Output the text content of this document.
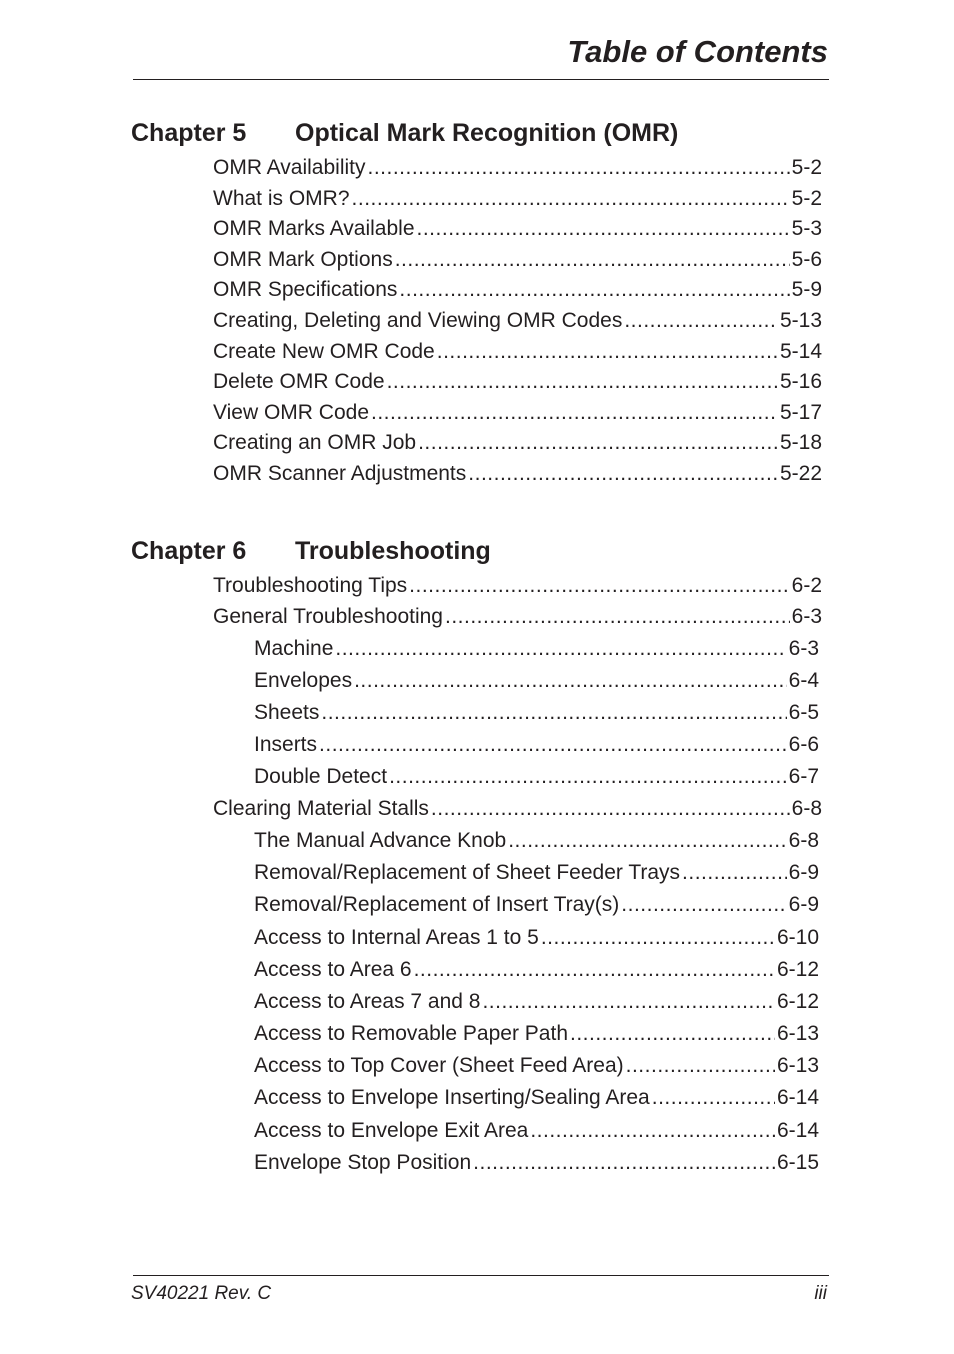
Table of Contents
Chapter 5 Optical Mark Recognition (OMR)
OMR Availability .....	5-2
What is OMR? .....	5-2
OMR Marks Available .....	5-3
OMR Mark Options .....	5-6
OMR Specifications .....	5-9
Creating, Deleting and Viewing OMR Codes .....	5-13
Create New OMR Code .....	5-14
Delete OMR Code .....	5-16
View OMR Code .....	5-17
Creating an OMR Job .....	5-18
OMR Scanner Adjustments .....	5-22
Chapter 6 Troubleshooting
Troubleshooting Tips .....	6-2
General Troubleshooting .....	6-3
Machine .....	6-3
Envelopes .....	6-4
Sheets .....	6-5
Inserts .....	6-6
Double Detect .....	6-7
Clearing Material Stalls .....	6-8
The Manual Advance Knob .....	6-8
Removal/Replacement of Sheet Feeder Trays .....	6-9
Removal/Replacement of Insert Tray(s) .....	6-9
Access to Internal Areas 1 to 5 .....	6-10
Access to Area 6 .....	6-12
Access to Areas 7 and 8 .....	6-12
Access to Removable Paper Path .....	6-13
Access to Top Cover (Sheet Feed Area) .....	6-13
Access to Envelope Inserting/Sealing Area .....	6-14
Access to Envelope Exit Area .....	6-14
Envelope Stop Position .....	6-15
SV40221 Rev. C	iii
